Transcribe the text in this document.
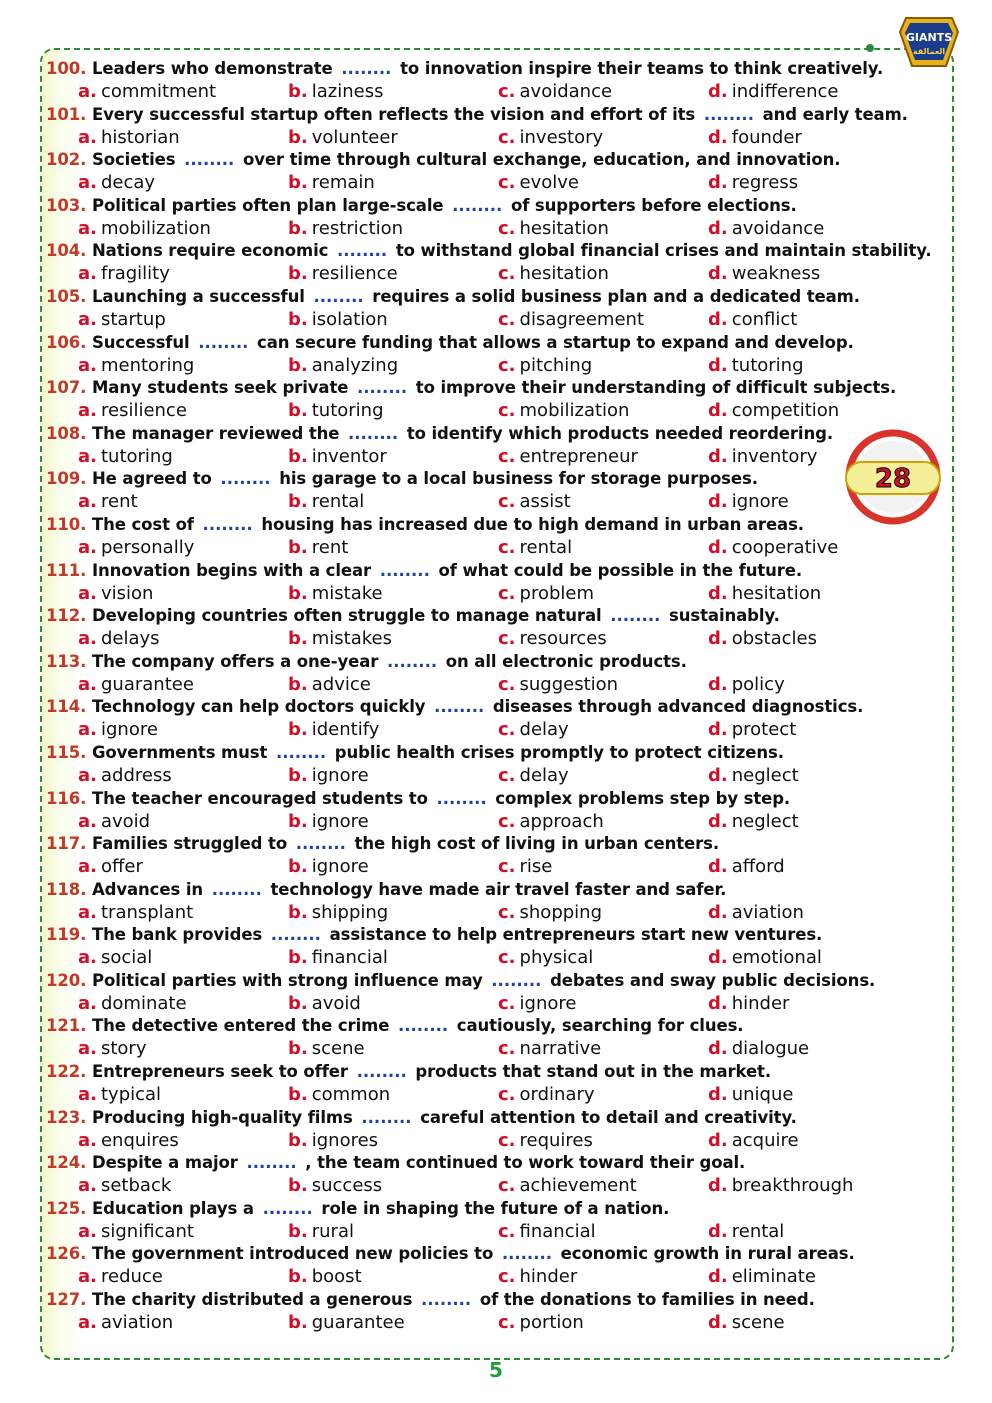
GIANTS
العمالقة
100. Leaders who demonstrate ........ to innovation inspire their teams to think creatively.
a. commitment	b. laziness	c. avoidance	d. indifference
101. Every successful startup often reflects the vision and effort of its ........ and early team.
a. historian	b. volunteer	c. investory	d. founder
102. Societies ........ over time through cultural exchange, education, and innovation.
a. decay	b. remain	c. evolve	d. regress
103. Political parties often plan large-scale ........ of supporters before elections.
a. mobilization	b. restriction	c. hesitation	d. avoidance
104. Nations require economic ........ to withstand global financial crises and maintain stability.
a. fragility	b. resilience	c. hesitation	d. weakness
105. Launching a successful ........ requires a solid business plan and a dedicated team.
a. startup	b. isolation	c. disagreement	d. conflict
106. Successful ........ can secure funding that allows a startup to expand and develop.
a. mentoring	b. analyzing	c. pitching	d. tutoring
107. Many students seek private ........ to improve their understanding of difficult subjects.
a. resilience	b. tutoring	c. mobilization	d. competition
108. The manager reviewed the ........ to identify which products needed reordering.
a. tutoring	b. inventor	c. entrepreneur	d. inventory
109. He agreed to ........ his garage to a local business for storage purposes.
a. rent	b. rental	c. assist	d. ignore
110. The cost of ........ housing has increased due to high demand in urban areas.
a. personally	b. rent	c. rental	d. cooperative
111. Innovation begins with a clear ........ of what could be possible in the future.
a. vision	b. mistake	c. problem	d. hesitation
112. Developing countries often struggle to manage natural ........ sustainably.
a. delays	b. mistakes	c. resources	d. obstacles
113. The company offers a one-year ........ on all electronic products.
a. guarantee	b. advice	c. suggestion	d. policy
114. Technology can help doctors quickly ........ diseases through advanced diagnostics.
a. ignore	b. identify	c. delay	d. protect
115. Governments must ........ public health crises promptly to protect citizens.
a. address	b. ignore	c. delay	d. neglect
116. The teacher encouraged students to ........ complex problems step by step.
a. avoid	b. ignore	c. approach	d. neglect
117. Families struggled to ........ the high cost of living in urban centers.
a. offer	b. ignore	c. rise	d. afford
118. Advances in ........ technology have made air travel faster and safer.
a. transplant	b. shipping	c. shopping	d. aviation
119. The bank provides ........ assistance to help entrepreneurs start new ventures.
a. social	b. financial	c. physical	d. emotional
120. Political parties with strong influence may ........ debates and sway public decisions.
a. dominate	b. avoid	c. ignore	d. hinder
121. The detective entered the crime ........ cautiously, searching for clues.
a. story	b. scene	c. narrative	d. dialogue
122. Entrepreneurs seek to offer ........ products that stand out in the market.
a. typical	b. common	c. ordinary	d. unique
123. Producing high-quality films ........ careful attention to detail and creativity.
a. enquires	b. ignores	c. requires	d. acquire
124. Despite a major ........ , the team continued to work toward their goal.
a. setback	b. success	c. achievement	d. breakthrough
125. Education plays a ........ role in shaping the future of a nation.
a. significant	b. rural	c. financial	d. rental
126. The government introduced new policies to ........ economic growth in rural areas.
a. reduce	b. boost	c. hinder	d. eliminate
127. The charity distributed a generous ........ of the donations to families in need.
a. aviation	b. guarantee	c. portion	d. scene
28
5
